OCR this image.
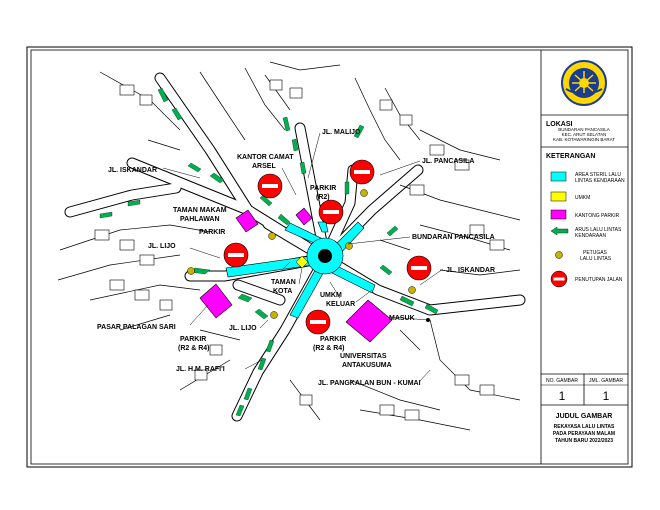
JL. MALIJO
KANTOR CAMAT
ARSEL
JL. PANCASILA
JL. ISKANDAR
PARKIR
(R2)
TAMAN MAKAM
PAHLAWAN
PARKIR
BUNDARAN PANCASILA
JL. LIJO
JL. ISKANDAR
TAMAN
KOTA
UMKM
KELUAR
PASAR PALAGAN SARI	JL. LIJO
PARKIR
(R2 & R4)
PARKIR
(R2 & R4)
MASUK
UNIVERSITAS
ANTAKUSUMA
JL. H.M. RAFI'I
JL. PANGKALAN BUN - KUMAI
LOKASI
BUNDARAN PANCASILA
KEC. ARUT SELATAN
KAB. KOTAWARINGIN BARAT
KETERANGAN
AREA STERIL LALU
LINTAS KENDARAAN
UMKM
KANTONG PARKIR
ARUS LALU LINTAS
KENDARAAN
PETUGAS
LALU LINTAS
PENUTUPAN JALAN
NO. GAMBAR JML. GAMBAR
1	1
JUDUL GAMBAR
REKAYASA LALU LINTAS
PADA PERAYAAN MALAM
TAHUN BARU 2022/2023
